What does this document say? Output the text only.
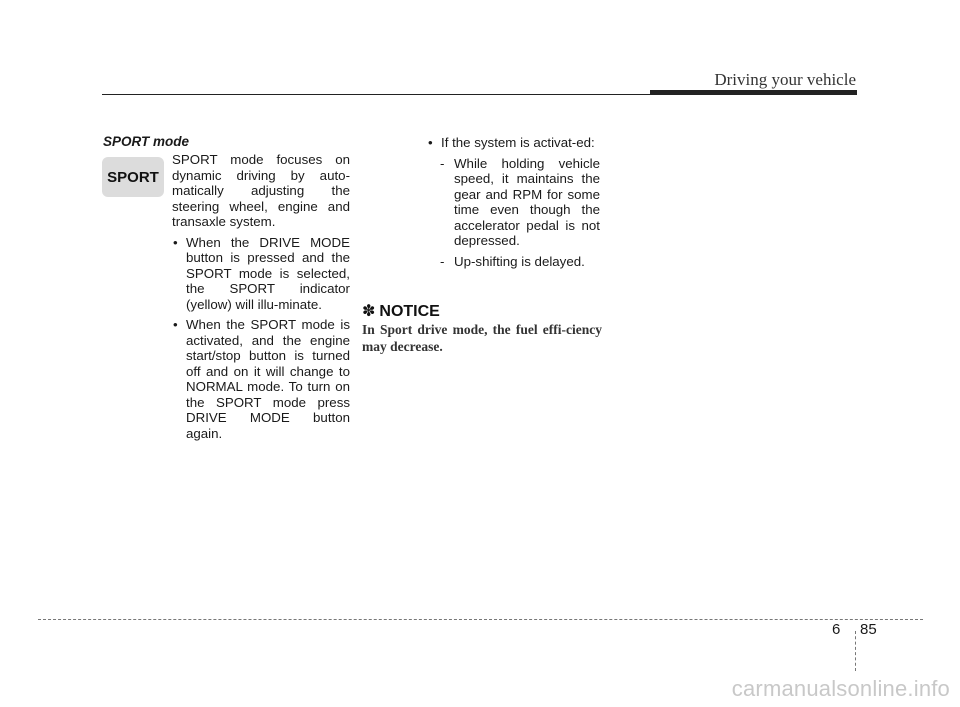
Driving your vehicle
SPORT mode
SPORT

SPORT mode focuses on dynamic driving by auto-matically adjusting the steering wheel, engine and transaxle system.

• When the DRIVE MODE button is pressed and the SPORT mode is selected, the SPORT indicator (yellow) will illu-minate.

• When the SPORT mode is activated, and the engine start/stop button is turned off and on it will change to NORMAL mode. To turn on the SPORT mode press DRIVE MODE button again.

• If the system is activat-ed:

- While holding vehicle speed, it maintains the gear and RPM for some time even though the accelerator pedal is not depressed.

- Up-shifting is delayed.

✽ NOTICE
In Sport drive mode, the fuel effi-ciency may decrease.
6 85
carmanualsonline.info
